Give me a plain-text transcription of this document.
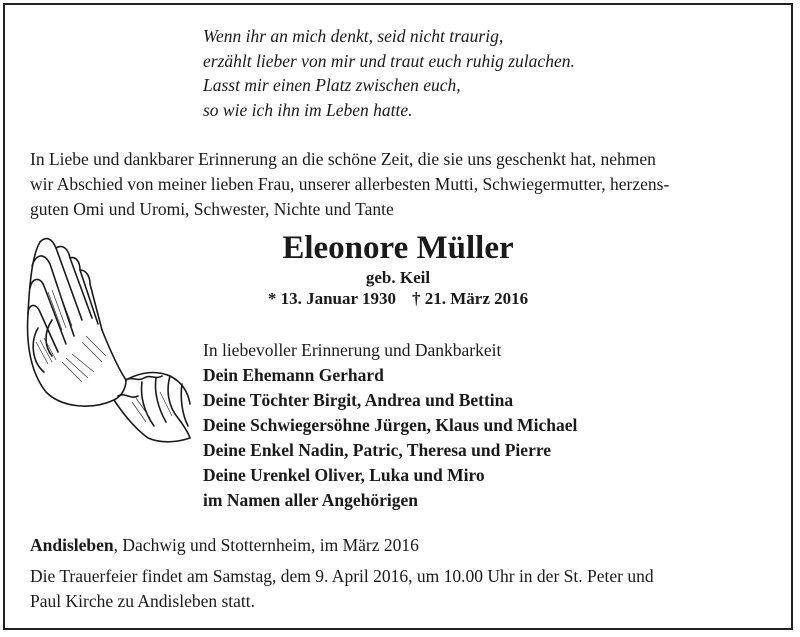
Wenn ihr an mich denkt, seid nicht traurig,
erzählt lieber von mir und traut euch ruhig zulachen.
Lasst mir einen Platz zwischen euch,
so wie ich ihn im Leben hatte.
In Liebe und dankbarer Erinnerung an die schöne Zeit, die sie uns geschenkt hat, nehmen
wir Abschied von meiner lieben Frau, unserer allerbesten Mutti, Schwiegermutter, herzens-
guten Omi und Uromi, Schwester, Nichte und Tante
Eleonore Müller
geb. Keil
* 13. Januar 1930 † 21. März 2016
In liebevoller Erinnerung und Dankbarkeit
Dein Ehemann Gerhard
Deine Töchter Birgit, Andrea und Bettina
Deine Schwiegersöhne Jürgen, Klaus und Michael
Deine Enkel Nadin, Patric, Theresa und Pierre
Deine Urenkel Oliver, Luka und Miro
im Namen aller Angehörigen
Andisleben, Dachwig und Stotternheim, im März 2016
Die Trauerfeier findet am Samstag, dem 9. April 2016, um 10.00 Uhr in der St. Peter und
Paul Kirche zu Andisleben statt.
